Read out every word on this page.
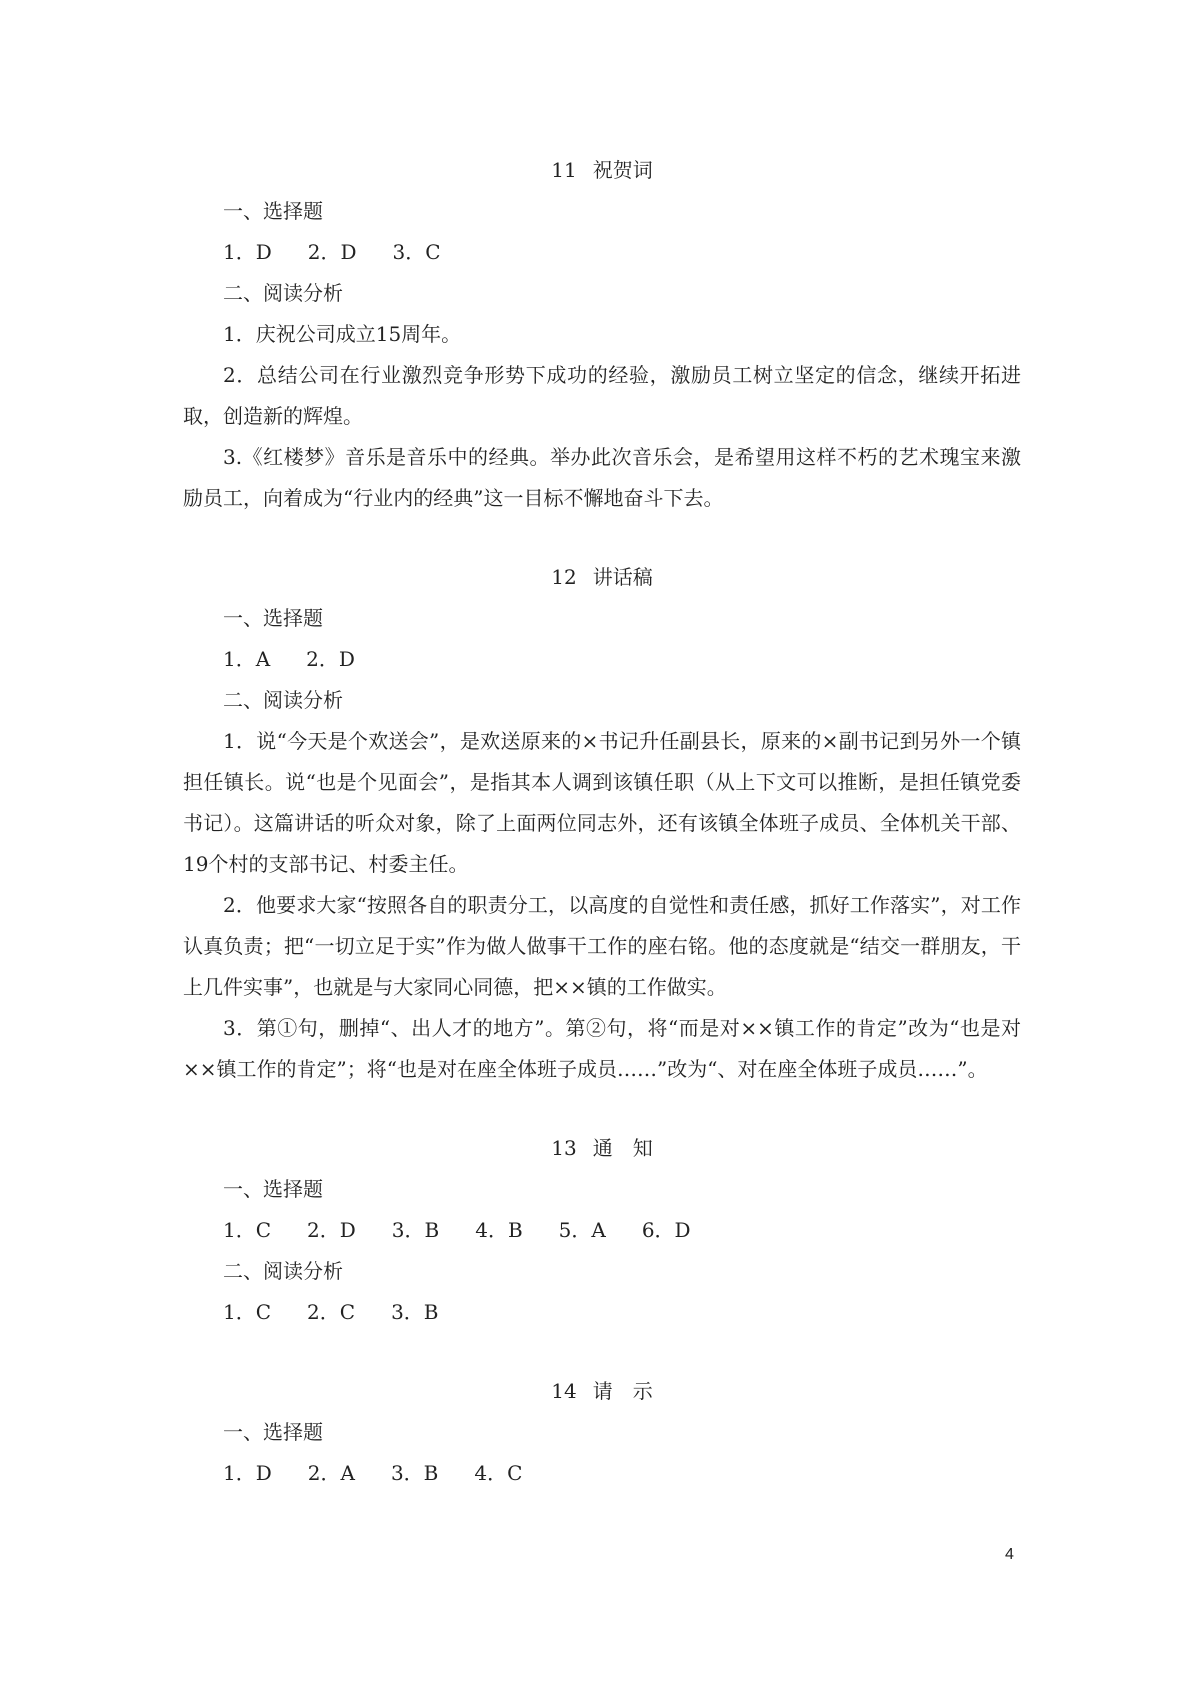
11 祝贺词

一、选择题

1．D 2．D 3．C

二、阅读分析

1．庆祝公司成立15周年。

2．总结公司在行业激烈竞争形势下成功的经验，激励员工树立坚定的信念，继续开拓进取，创造新的辉煌。

3.《红楼梦》音乐是音乐中的经典。举办此次音乐会，是希望用这样不朽的艺术瑰宝来激励员工，向着成为“行业内的经典”这一目标不懈地奋斗下去。

12 讲话稿

一、选择题

1．A 2．D

二、阅读分析

1．说“今天是个欢送会”，是欢送原来的×书记升任副县长，原来的×副书记到另外一个镇担任镇长。说“也是个见面会”，是指其本人调到该镇任职（从上下文可以推断，是担任镇党委书记）。这篇讲话的听众对象，除了上面两位同志外，还有该镇全体班子成员、全体机关干部、19个村的支部书记、村委主任。

2．他要求大家“按照各自的职责分工，以高度的自觉性和责任感，抓好工作落实”，对工作认真负责；把“一切立足于实”作为做人做事干工作的座右铭。他的态度就是“结交一群朋友，干上几件实事”，也就是与大家同心同德，把××镇的工作做实。

3．第①句，删掉“、出人才的地方”。第②句，将“而是对××镇工作的肯定”改为“也是对××镇工作的肯定”；将“也是对在座全体班子成员……”改为“、对在座全体班子成员……”。

13 通　知

一、选择题

1．C 2．D 3．B 4．B 5．A 6．D

二、阅读分析

1．C 2．C 3．B
14 请　示

一、选择题

1．D 2．A 3．B 4．C
4
